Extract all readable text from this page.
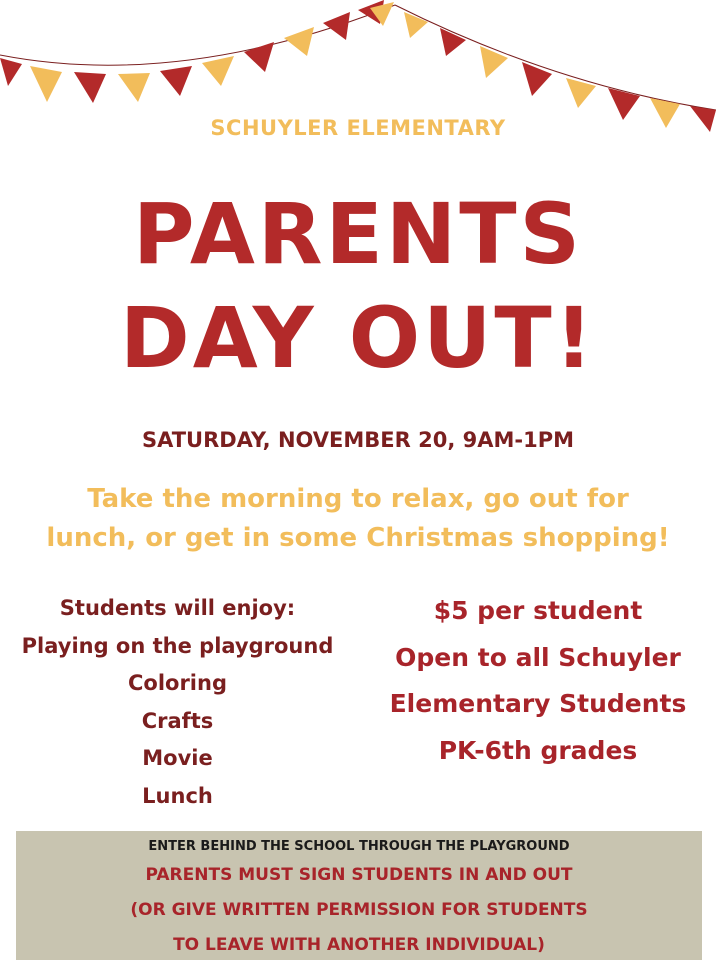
SCHUYLER ELEMENTARY
PARENTS
DAY OUT!
SATURDAY, NOVEMBER 20, 9AM-1PM
Take the morning to relax, go out for
lunch, or get in some Christmas shopping!
Students will enjoy:
Playing on the playground
Coloring
Crafts
Movie
Lunch
$5 per student
Open to all Schuyler
Elementary Students
PK-6th grades
ENTER BEHIND THE SCHOOL THROUGH THE PLAYGROUND
PARENTS MUST SIGN STUDENTS IN AND OUT
(OR GIVE WRITTEN PERMISSION FOR STUDENTS
TO LEAVE WITH ANOTHER INDIVIDUAL)
